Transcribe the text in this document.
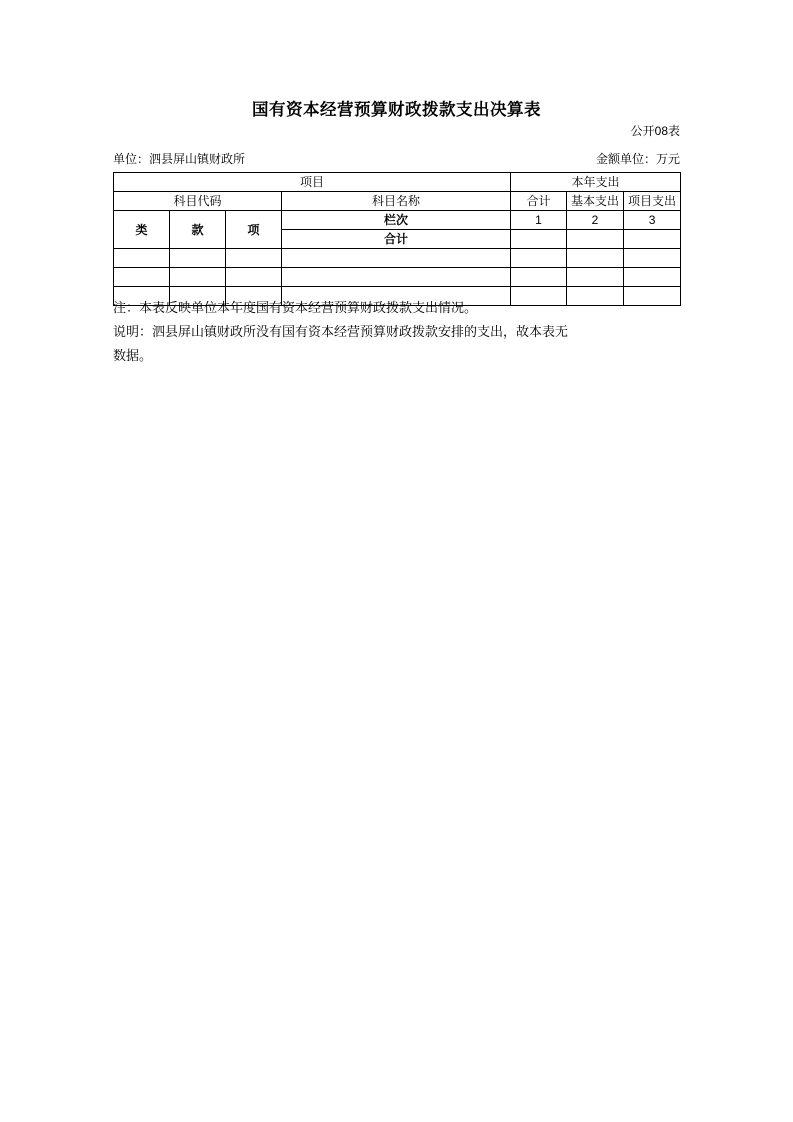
国有资本经营预算财政拨款支出决算表
公开08表
单位：泗县屏山镇财政所	金额单位：万元
项目				本年支出		
科目代码			科目名称	合计	基本支出	项目支出
类	款	项	栏次	1	2	3
			合计			

注：本表反映单位本年度国有资本经营预算财政拨款支出情况。
说明：泗县屏山镇财政所没有国有资本经营预算财政拨款安排的支出，故本表无
数据。
